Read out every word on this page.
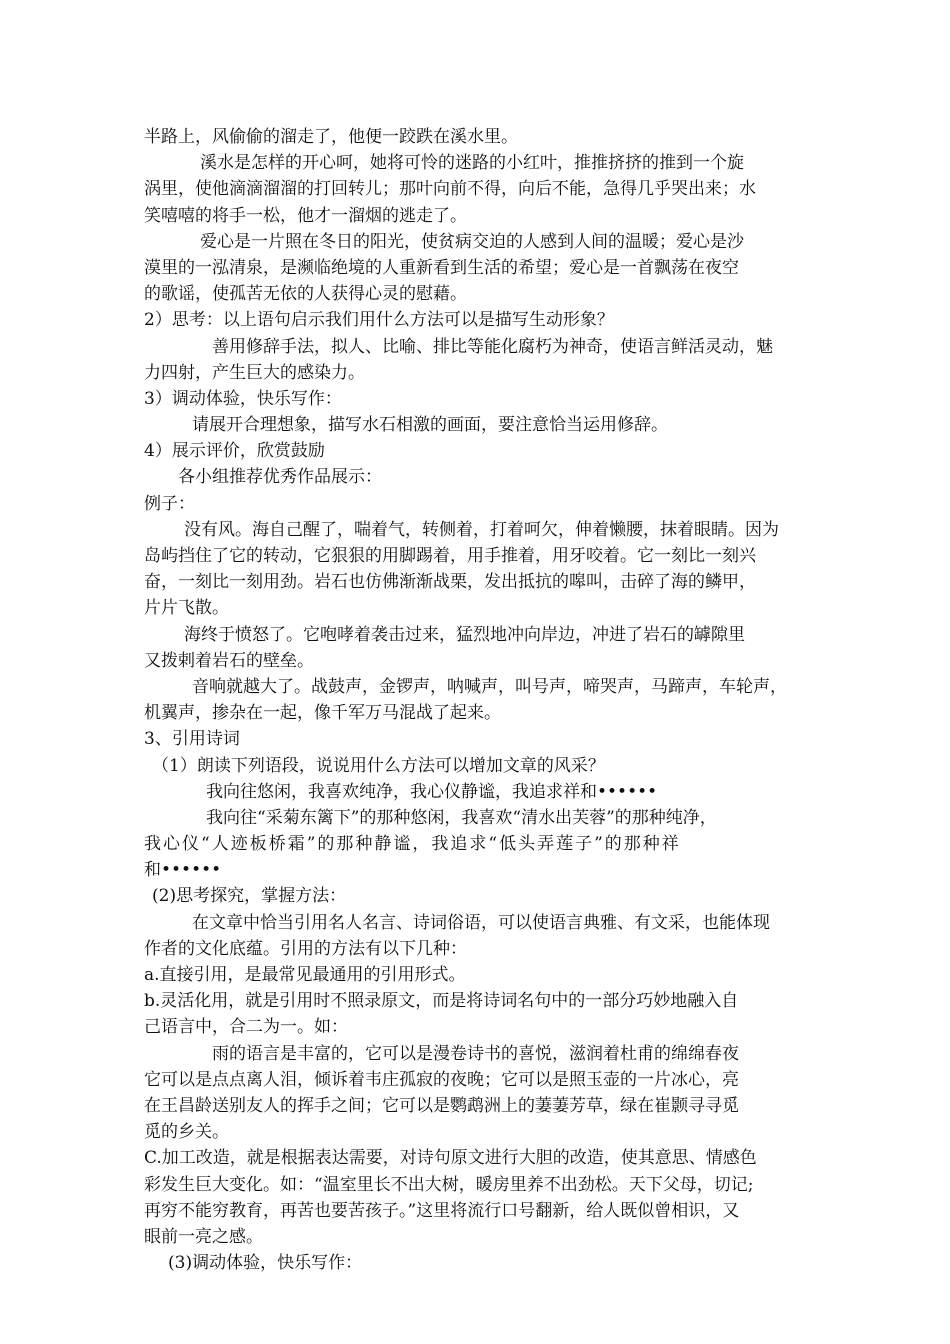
半路上，风偷偷的溜走了，他便一跤跌在溪水里。
溪水是怎样的开心呵，她将可怜的迷路的小红叶，推推挤挤的推到一个旋
涡里，使他滴滴溜溜的打回转儿；那叶向前不得，向后不能，急得几乎哭出来；水
笑嘻嘻的将手一松，他才一溜烟的逃走了。
爱心是一片照在冬日的阳光，使贫病交迫的人感到人间的温暖；爱心是沙
漠里的一泓清泉，是濒临绝境的人重新看到生活的希望；爱心是一首飘荡在夜空
的歌谣，使孤苦无依的人获得心灵的慰藉。
2）思考：以上语句启示我们用什么方法可以是描写生动形象？
善用修辞手法，拟人、比喻、排比等能化腐朽为神奇，使语言鲜活灵动，魅
力四射，产生巨大的感染力。
3）调动体验，快乐写作：
请展开合理想象，描写水石相激的画面，要注意恰当运用修辞。
4）展示评价，欣赏鼓励
各小组推荐优秀作品展示：
例子：
没有风。海自己醒了，喘着气，转侧着，打着呵欠，伸着懒腰，抹着眼睛。因为
岛屿挡住了它的转动，它狠狠的用脚踢着，用手推着，用牙咬着。它一刻比一刻兴
奋，一刻比一刻用劲。岩石也仿佛渐渐战栗，发出抵抗的嗥叫，击碎了海的鳞甲，
片片飞散。
海终于愤怒了。它咆哮着袭击过来，猛烈地冲向岸边，冲进了岩石的罅隙里
又拨剌着岩石的壁垒。
音响就越大了。战鼓声，金锣声，呐喊声，叫号声，啼哭声，马蹄声，车轮声，
机翼声，掺杂在一起，像千军万马混战了起来。
3、引用诗词
（1）朗读下列语段，说说用什么方法可以增加文章的风采？
我向往悠闲，我喜欢纯净，我心仪静谧，我追求祥和••••••
我向往“采菊东篱下”的那种悠闲，我喜欢“清水出芙蓉”的那种纯净，
我心仪“人迹板桥霜”的那种静谧，我追求“低头弄莲子”的那种祥
和••••••
(2)思考探究，掌握方法：
在文章中恰当引用名人名言、诗词俗语，可以使语言典雅、有文采，也能体现
作者的文化底蕴。引用的方法有以下几种：
a.直接引用，是最常见最通用的引用形式。
b.灵活化用，就是引用时不照录原文，而是将诗词名句中的一部分巧妙地融入自
己语言中，合二为一。如：
雨的语言是丰富的，它可以是漫卷诗书的喜悦，滋润着杜甫的绵绵春夜
它可以是点点离人泪，倾诉着韦庄孤寂的夜晚；它可以是照玉壶的一片冰心，亮
在王昌龄送别友人的挥手之间；它可以是鹦鹉洲上的萋萋芳草，绿在崔颢寻寻觅
觅的乡关。
C.加工改造，就是根据表达需要，对诗句原文进行大胆的改造，使其意思、情感色
彩发生巨大变化。如：“温室里长不出大树，暖房里养不出劲松。天下父母，切记;
再穷不能穷教育，再苦也要苦孩子。”这里将流行口号翻新，给人既似曾相识，又
眼前一亮之感。
(3)调动体验，快乐写作：
